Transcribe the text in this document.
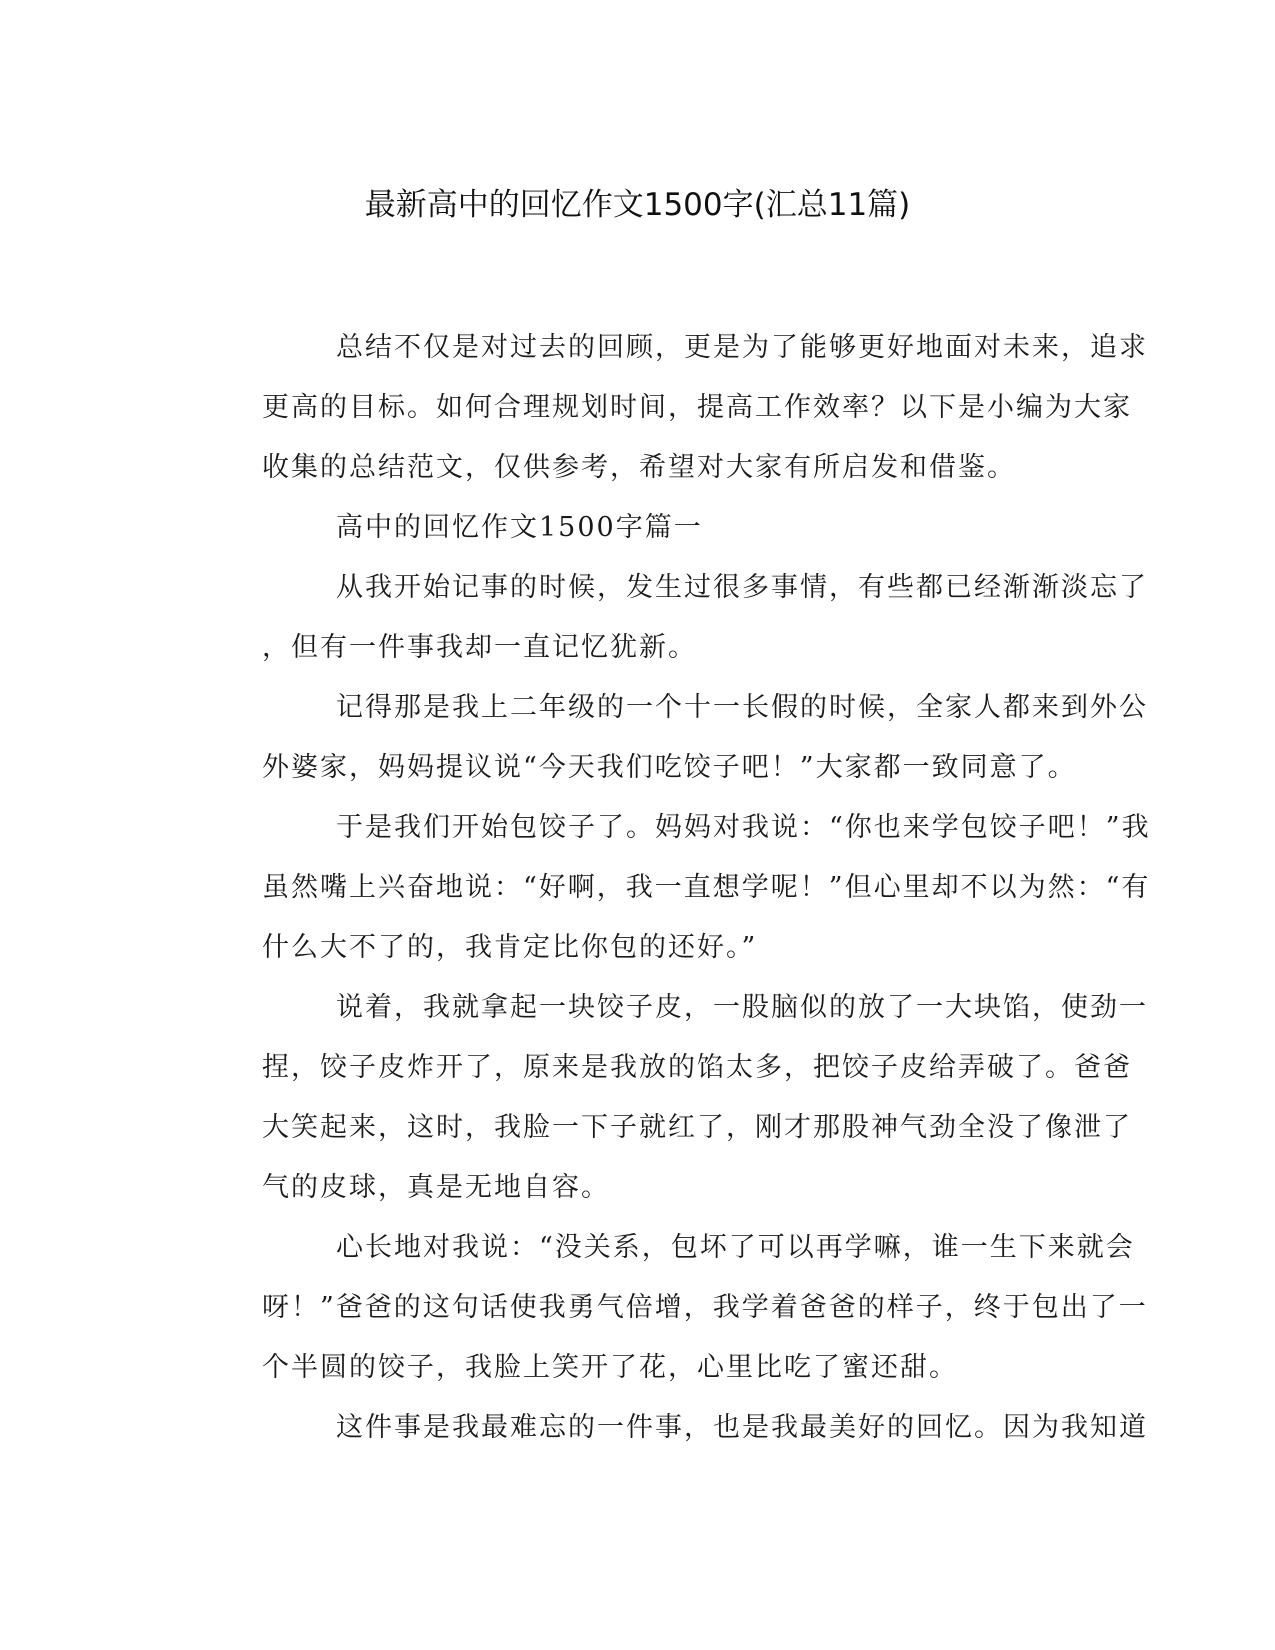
最新高中的回忆作文1500字(汇总11篇)

总结不仅是对过去的回顾，更是为了能够更好地面对未来，追求
更高的目标。如何合理规划时间，提高工作效率？以下是小编为大家
收集的总结范文，仅供参考，希望对大家有所启发和借鉴。

高中的回忆作文1500字篇一

从我开始记事的时候，发生过很多事情，有些都已经渐渐淡忘了
，但有一件事我却一直记忆犹新。

记得那是我上二年级的一个十一长假的时候，全家人都来到外公
外婆家，妈妈提议说“今天我们吃饺子吧！”大家都一致同意了。

于是我们开始包饺子了。妈妈对我说：“你也来学包饺子吧！”我
虽然嘴上兴奋地说：“好啊，我一直想学呢！”但心里却不以为然：“有
什么大不了的，我肯定比你包的还好。”

说着，我就拿起一块饺子皮，一股脑似的放了一大块馅，使劲一
捏，饺子皮炸开了，原来是我放的馅太多，把饺子皮给弄破了。爸爸
大笑起来，这时，我脸一下子就红了，刚才那股神气劲全没了像泄了
气的皮球，真是无地自容。

心长地对我说：“没关系，包坏了可以再学嘛，谁一生下来就会
呀！”爸爸的这句话使我勇气倍增，我学着爸爸的样子，终于包出了一
个半圆的饺子，我脸上笑开了花，心里比吃了蜜还甜。

这件事是我最难忘的一件事，也是我最美好的回忆。因为我知道
